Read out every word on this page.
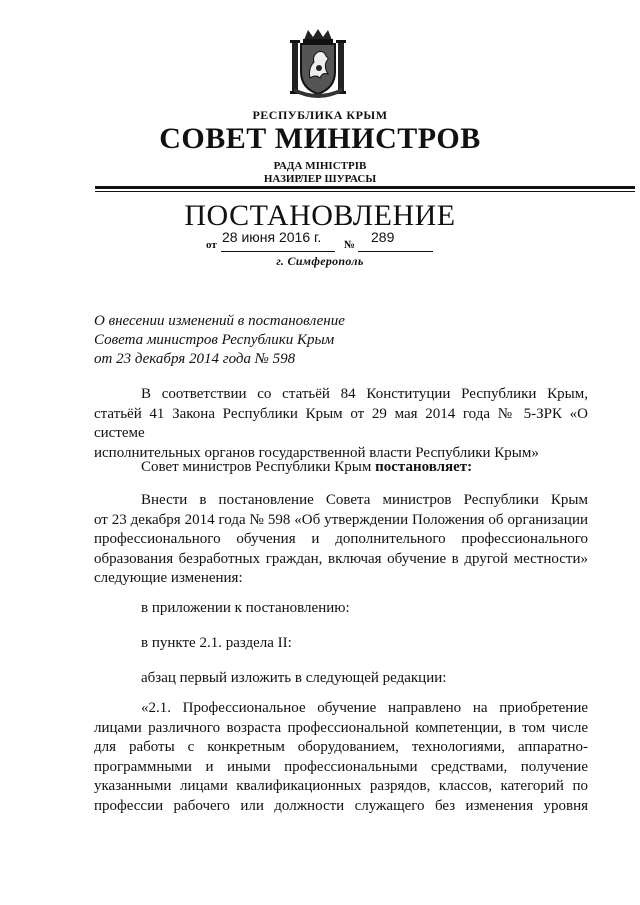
РЕСПУБЛИКА КРЫМ
СОВЕТ МИНИСТРОВ
РАДА МІНІСТРІВ
НАЗИРЛЕР ШУРАСЫ
ПОСТАНОВЛЕНИЕ
28 июня 2016 г.	289
от	№
г. Симферополь
О внесении изменений в постановление
Совета министров Республики Крым
от 23 декабря 2014 года № 598
В соответствии со статьёй 84 Конституции Республики Крым,
статьёй 41 Закона Республики Крым от 29 мая 2014 года № 5-ЗРК «О системе
исполнительных органов государственной власти Республики Крым»
Совет министров Республики Крым постановляет:
Внести в постановление Совета министров Республики Крым
от 23 декабря 2014 года № 598 «Об утверждении Положения об организации
профессионального обучения и дополнительного профессионального
образования безработных граждан, включая обучение в другой местности»
следующие изменения:
в приложении к постановлению:
в пункте 2.1. раздела II:
абзац первый изложить в следующей редакции:
«2.1. Профессиональное обучение направлено на приобретение
лицами различного возраста профессиональной компетенции, в том числе
для работы с конкретным оборудованием, технологиями, аппаратно-
программными и иными профессиональными средствами, получение
указанными лицами квалификационных разрядов, классов, категорий по
профессии рабочего или должности служащего без изменения уровня
